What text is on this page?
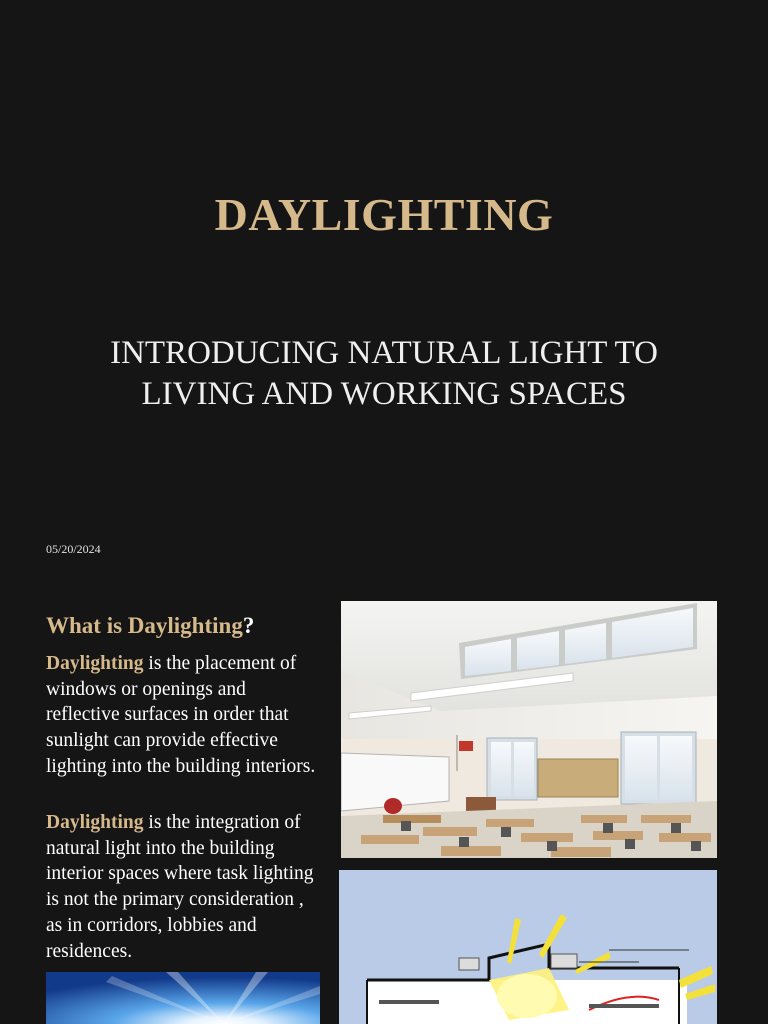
DAYLIGHTING
INTRODUCING NATURAL LIGHT TO LIVING AND WORKING SPACES
05/20/2024
What is Daylighting?
Daylighting is the placement of windows or openings and reflective surfaces in order that sunlight can provide effective lighting into the building interiors.
Daylighting is the integration of natural light into the building interior spaces where task lighting is not the primary consideration , as in corridors, lobbies and residences.
